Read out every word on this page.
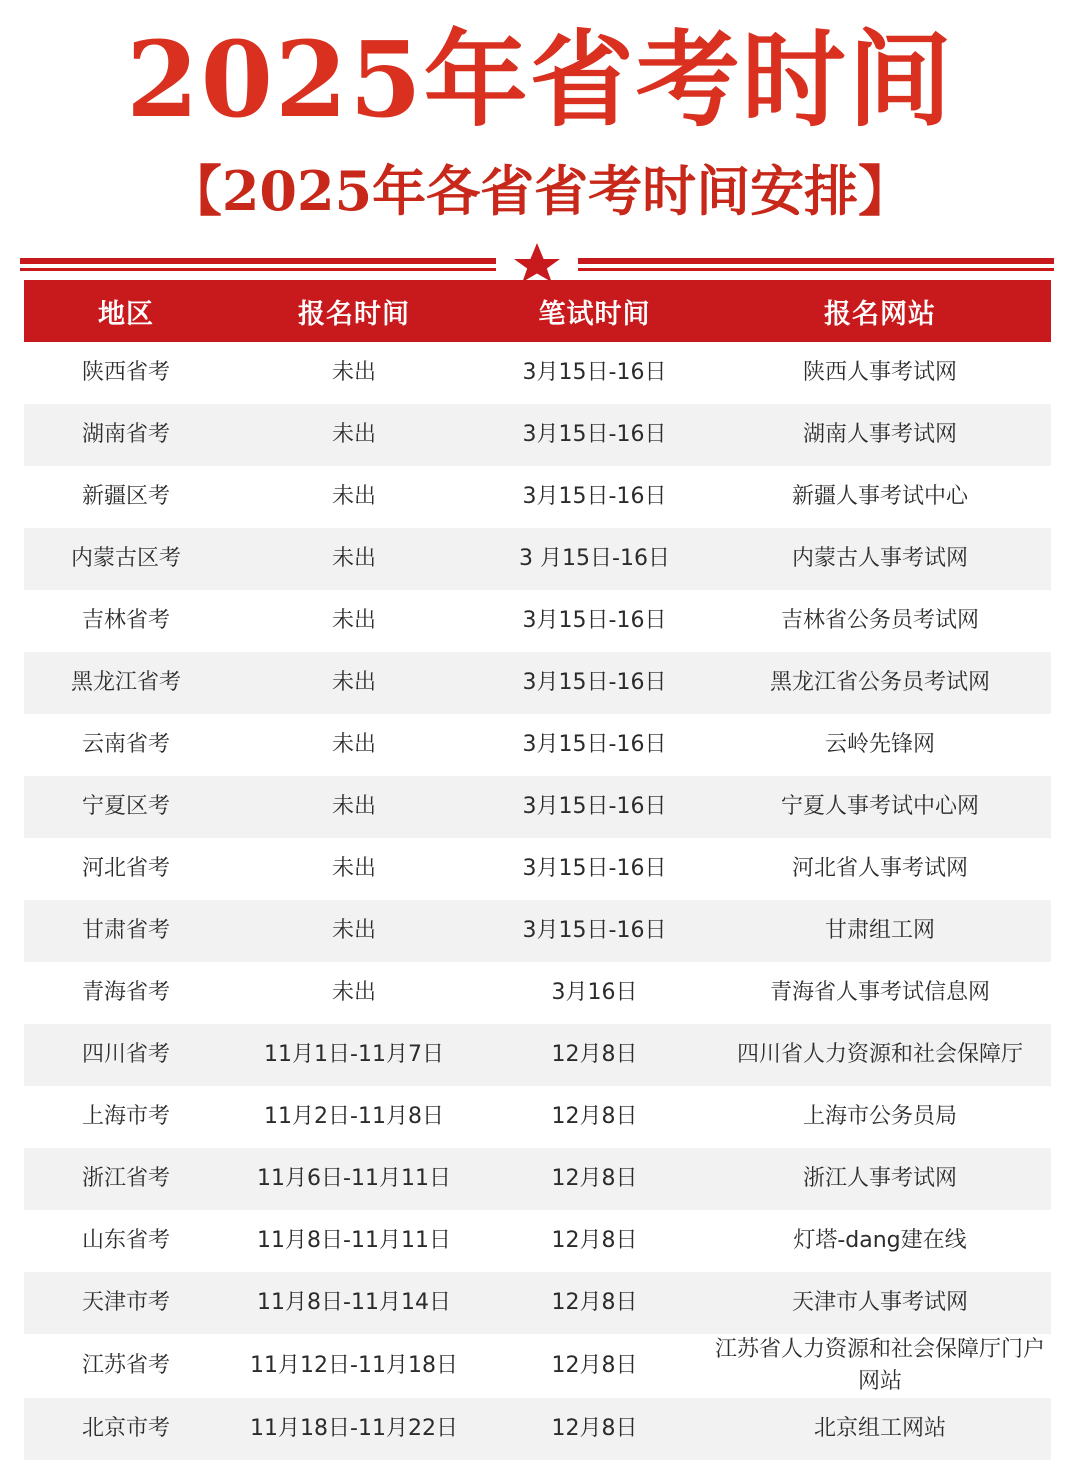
2025年省考时间
【2025年各省省考时间安排】
地区	报名时间	笔试时间	报名网站
陕西省考	未出	3月15日-16日	陕西人事考试网
湖南省考	未出	3月15日-16日	湖南人事考试网
新疆区考	未出	3月15日-16日	新疆人事考试中心
内蒙古区考	未出	3 月15日-16日	内蒙古人事考试网
吉林省考	未出	3月15日-16日	吉林省公务员考试网
黑龙江省考	未出	3月15日-16日	黑龙江省公务员考试网
云南省考	未出	3月15日-16日	云岭先锋网
宁夏区考	未出	3月15日-16日	宁夏人事考试中心网
河北省考	未出	3月15日-16日	河北省人事考试网
甘肃省考	未出	3月15日-16日	甘肃组工网
青海省考	未出	3月16日	青海省人事考试信息网
四川省考	11月1日-11月7日	12月8日	四川省人力资源和社会保障厅
上海市考	11月2日-11月8日	12月8日	上海市公务员局
浙江省考	11月6日-11月11日	12月8日	浙江人事考试网
山东省考	11月8日-11月11日	12月8日	灯塔-dang建在线
天津市考	11月8日-11月14日	12月8日	天津市人事考试网
江苏省考	11月12日-11月18日	12月8日	江苏省人力资源和社会保障厅门户网站
北京市考	11月18日-11月22日	12月8日	北京组工网站
